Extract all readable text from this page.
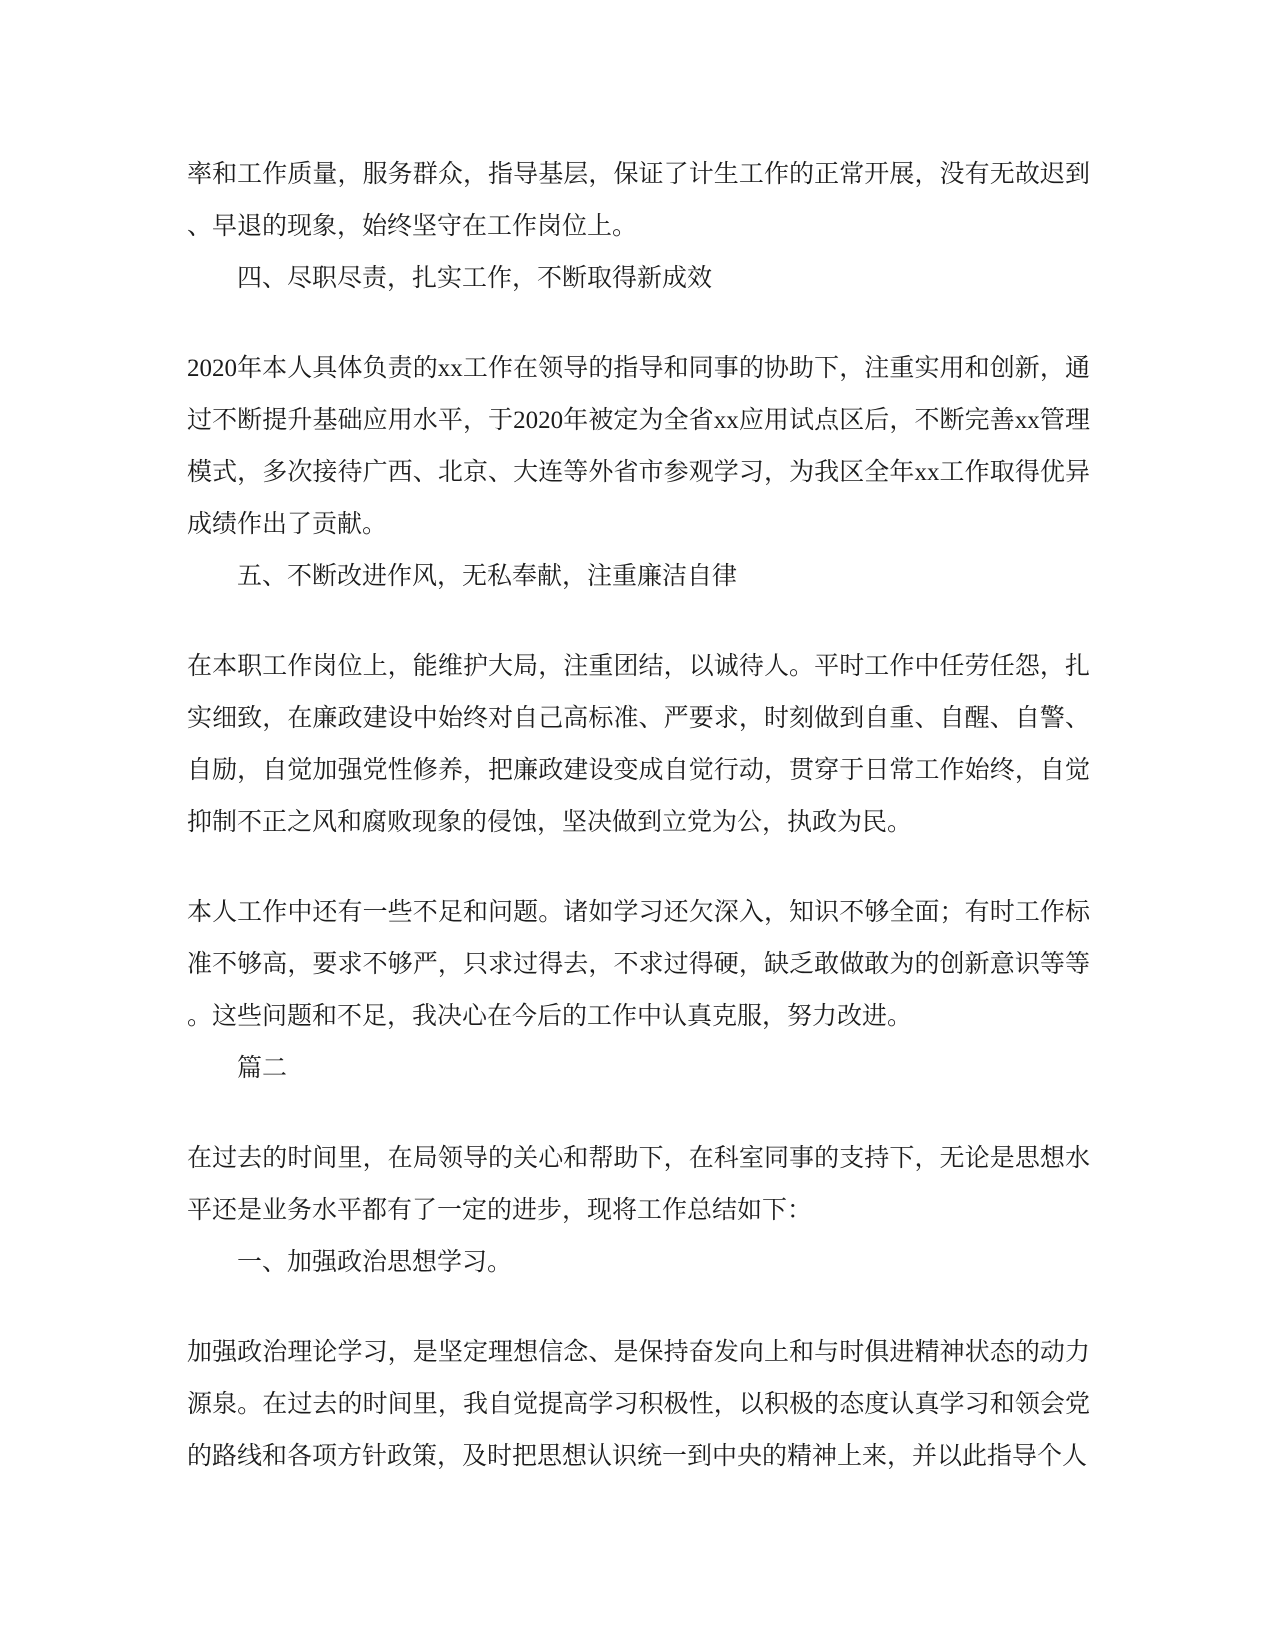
率和工作质量，服务群众，指导基层，保证了计生工作的正常开展，没有无故迟到、早退的现象，始终坚守在工作岗位上。

四、尽职尽责，扎实工作，不断取得新成效

2020年本人具体负责的xx工作在领导的指导和同事的协助下，注重实用和创新，通过不断提升基础应用水平，于2020年被定为全省xx应用试点区后，不断完善xx管理模式，多次接待广西、北京、大连等外省市参观学习，为我区全年xx工作取得优异成绩作出了贡献。

五、不断改进作风，无私奉献，注重廉洁自律

在本职工作岗位上，能维护大局，注重团结，以诚待人。平时工作中任劳任怨，扎实细致，在廉政建设中始终对自己高标准、严要求，时刻做到自重、自醒、自警、自励，自觉加强党性修养，把廉政建设变成自觉行动，贯穿于日常工作始终，自觉抑制不正之风和腐败现象的侵蚀，坚决做到立党为公，执政为民。

本人工作中还有一些不足和问题。诸如学习还欠深入，知识不够全面；有时工作标准不够高，要求不够严，只求过得去，不求过得硬，缺乏敢做敢为的创新意识等等。这些问题和不足，我决心在今后的工作中认真克服，努力改进。

篇二

在过去的时间里，在局领导的关心和帮助下，在科室同事的支持下，无论是思想水平还是业务水平都有了一定的进步，现将工作总结如下：

一、加强政治思想学习。

加强政治理论学习，是坚定理想信念、是保持奋发向上和与时俱进精神状态的动力源泉。在过去的时间里，我自觉提高学习积极性，以积极的态度认真学习和领会党的路线和各项方针政策，及时把思想认识统一到中央的精神上来，并以此指导个人
